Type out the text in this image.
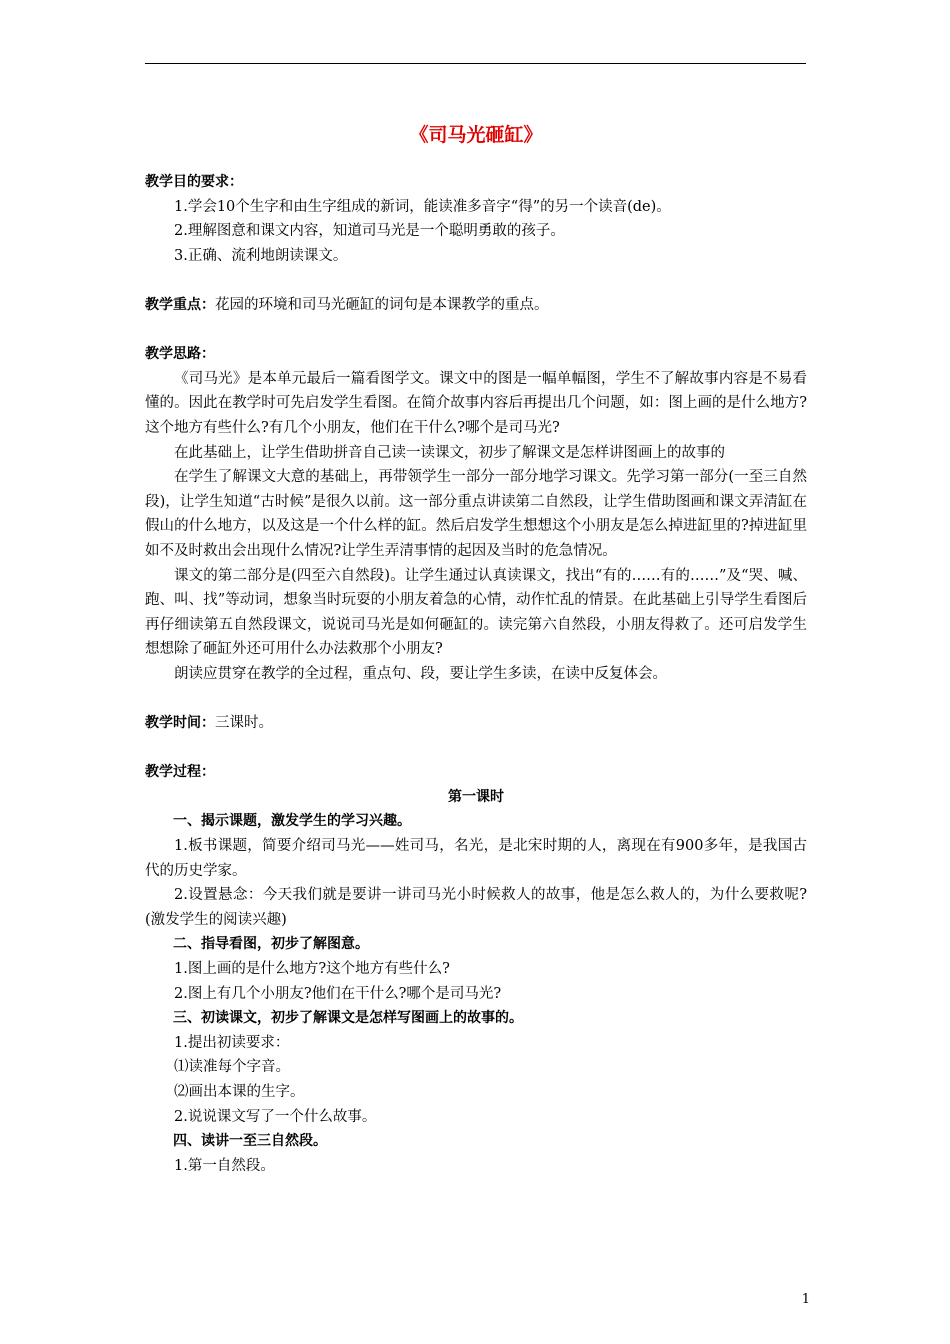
《司马光砸缸》

教学目的要求：

1.学会10个生字和由生字组成的新词，能读准多音字“得”的另一个读音(de)。

2.理解图意和课文内容，知道司马光是一个聪明勇敢的孩子。

3.正确、流利地朗读课文。

教学重点：花园的环境和司马光砸缸的词句是本课教学的重点。

教学思路：

《司马光》是本单元最后一篇看图学文。课文中的图是一幅单幅图，学生不了解故事内容是不易看懂的。因此在教学时可先启发学生看图。在简介故事内容后再提出几个问题，如：图上画的是什么地方?这个地方有些什么?有几个小朋友，他们在干什么?哪个是司马光?

在此基础上，让学生借助拼音自己读一读课文，初步了解课文是怎样讲图画上的故事的

在学生了解课文大意的基础上，再带领学生一部分一部分地学习课文。先学习第一部分(一至三自然段)，让学生知道“古时候”是很久以前。这一部分重点讲读第二自然段，让学生借助图画和课文弄清缸在假山的什么地方，以及这是一个什么样的缸。然后启发学生想想这个小朋友是怎么掉进缸里的?掉进缸里如不及时救出会出现什么情况?让学生弄清事情的起因及当时的危急情况。

课文的第二部分是(四至六自然段)。让学生通过认真读课文，找出“有的……有的……”及“哭、喊、跑、叫、找”等动词，想象当时玩耍的小朋友着急的心情，动作忙乱的情景。在此基础上引导学生看图后再仔细读第五自然段课文，说说司马光是如何砸缸的。读完第六自然段，小朋友得救了。还可启发学生想想除了砸缸外还可用什么办法救那个小朋友?

朗读应贯穿在教学的全过程，重点句、段，要让学生多读，在读中反复体会。

教学时间：三课时。

教学过程：

第一课时

一、揭示课题，激发学生的学习兴趣。

1.板书课题，简要介绍司马光——姓司马，名光，是北宋时期的人，离现在有900多年，是我国古代的历史学家。

2.设置悬念：今天我们就是要讲一讲司马光小时候救人的故事，他是怎么救人的，为什么要救呢?(激发学生的阅读兴趣)

二、指导看图，初步了解图意。

1.图上画的是什么地方?这个地方有些什么?

2.图上有几个小朋友?他们在干什么?哪个是司马光?

三、初读课文，初步了解课文是怎样写图画上的故事的。

1.提出初读要求：

⑴读准每个字音。

⑵画出本课的生字。

2.说说课文写了一个什么故事。

四、读讲一至三自然段。

1.第一自然段。

1
